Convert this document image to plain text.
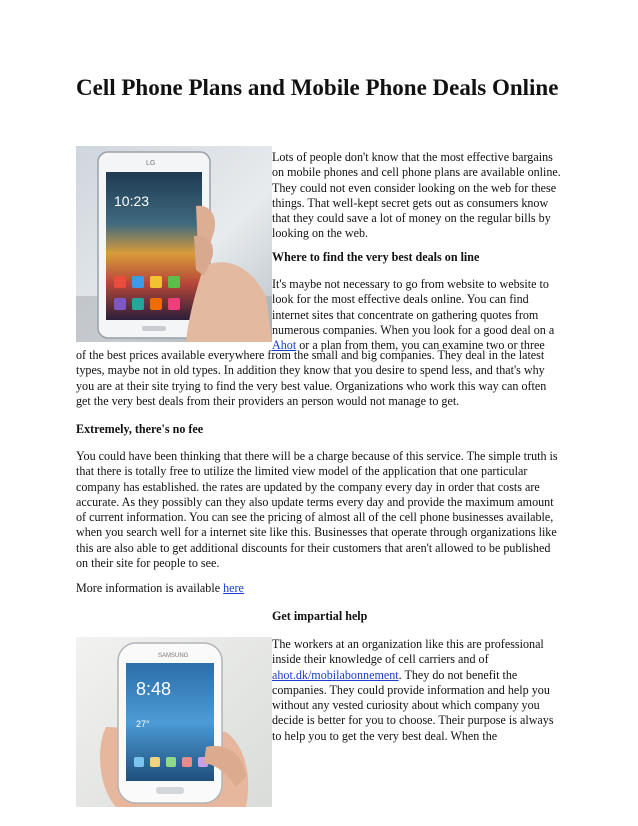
Cell Phone Plans and Mobile Phone Deals Online
10:23
LG	Lots of people don't know that the most effective bargains on mobile phones and cell phone plans are available online. They could not even consider looking on the web for these things. That well-kept secret gets out as consumers know that they could save a lot of money on the regular bills by looking on the web.

Where to find the very best deals on line

It's maybe not necessary to go from website to website to look for the most effective deals online. You can find internet sites that concentrate on gathering quotes from numerous companies. When you look for a good deal on a Ahot or a plan from them, you can examine two or three

of the best prices available everywhere from the small and big companies. They deal in the latest types, maybe not in old types. In addition they know that you desire to spend less, and that's why you are at their site trying to find the very best value. Organizations who work this way can often get the very best deals from their providers an person would not manage to get.

Extremely, there's no fee

You could have been thinking that there will be a charge because of this service. The simple truth is that there is totally free to utilize the limited view model of the application that one particular company has established. the rates are updated by the company every day in order that costs are accurate. As they possibly can they also update terms every day and provide the maximum amount of current information. You can see the pricing of almost all of the cell phone businesses available, when you search well for a internet site like this. Businesses that operate through organizations like this are also able to get additional discounts for their customers that aren't allowed to be published on their site for people to see.

More information is available here

Get impartial help

SAMSUNG
8:48
27°

The workers at an organization like this are professional inside their knowledge of cell carriers and of ahot.dk/mobilabonnement. They do not benefit the companies. They could provide information and help you without any vested curiosity about which company you decide is better for you to choose. Their purpose is always to help you to get the very best deal. When the
